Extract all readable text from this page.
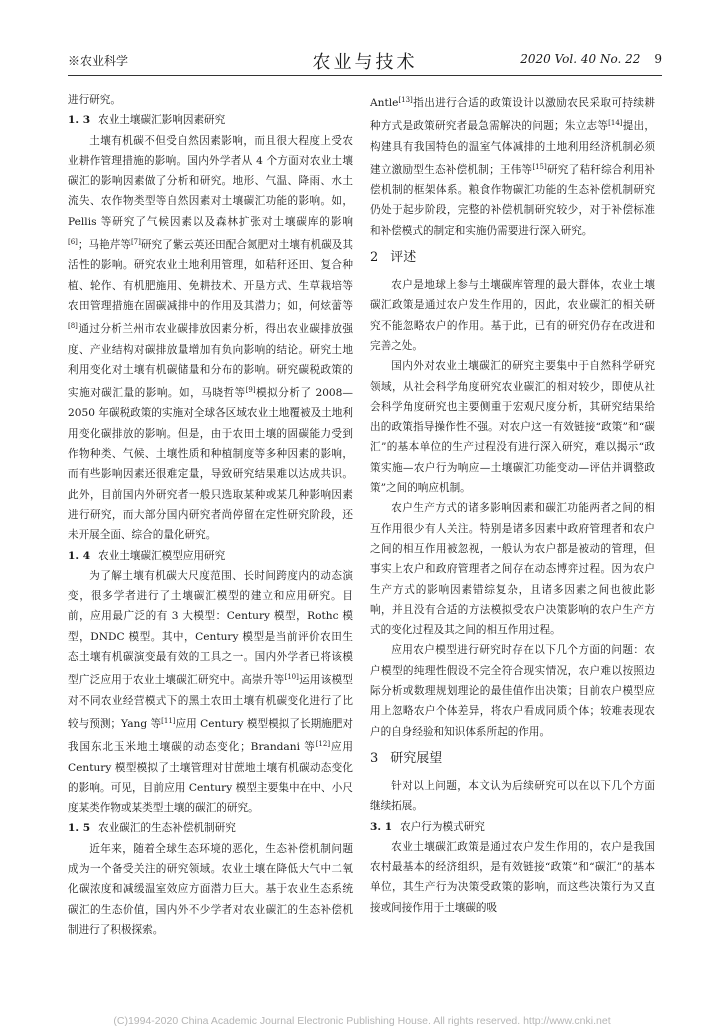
※农业科学	农业与技术	2020 Vol. 40 No. 22 9

进行研究。

1. 3 农业土壤碳汇影响因素研究

土壤有机碳不但受自然因素影响，而且很大程度上受农业耕作管理措施的影响。国内外学者从 4 个方面对农业土壤碳汇的影响因素做了分析和研究。地形、气温、降雨、水土流失、农作物类型等自然因素对土壤碳汇功能的影响。如，Pellis 等研究了气候因素以及森林扩张对土壤碳库的影响[6]；马艳芹等[7]研究了紫云英还田配合氮肥对土壤有机碳及其活性的影响。研究农业土地利用管理，如秸秆还田、复合种植、轮作、有机肥施用、免耕技术、开垦方式、生草栽培等农田管理措施在固碳减排中的作用及其潜力；如，何炫蕾等[8]通过分析兰州市农业碳排放因素分析，得出农业碳排放强度、产业结构对碳排放量增加有负向影响的结论。研究土地利用变化对土壤有机碳储量和分布的影响。研究碳税政策的实施对碳汇量的影响。如，马晓哲等[9]模拟分析了 2008—2050 年碳税政策的实施对全球各区域农业土地覆被及土地利用变化碳排放的影响。但是，由于农田土壤的固碳能力受到作物种类、气候、土壤性质和种植制度等多种因素的影响，而有些影响因素还很难定量，导致研究结果难以达成共识。此外，目前国内外研究者一般只选取某种或某几种影响因素进行研究，而大部分国内研究者尚停留在定性研究阶段，还未开展全面、综合的量化研究。

1. 4 农业土壤碳汇模型应用研究

为了解土壤有机碳大尺度范围、长时间跨度内的动态演变，很多学者进行了土壤碳汇模型的建立和应用研究。目前，应用最广泛的有 3 大模型：Century 模型，Rothc 模型，DNDC 模型。其中，Century 模型是当前评价农田生态土壤有机碳演变最有效的工具之一。国内外学者已将该模型广泛应用于农业土壤碳汇研究中。高崇升等[10]运用该模型对不同农业经营模式下的黑土农田土壤有机碳变化进行了比较与预测；Yang 等[11]应用 Century 模型模拟了长期施肥对我国东北玉米地土壤碳的动态变化；Brandani 等[12]应用 Century 模型模拟了土壤管理对甘蔗地土壤有机碳动态变化的影响。可见，目前应用 Century 模型主要集中在中、小尺度某类作物或某类型土壤的碳汇的研究。

1. 5 农业碳汇的生态补偿机制研究

近年来，随着全球生态环境的恶化，生态补偿机制问题成为一个备受关注的研究领域。农业土壤在降低大气中二氧化碳浓度和减缓温室效应方面潜力巨大。基于农业生态系统碳汇的生态价值，国内外不少学者对农业碳汇的生态补偿机制进行了积极探索。

Antle[13]指出进行合适的政策设计以激励农民采取可持续耕种方式是政策研究者最急需解决的问题；朱立志等[14]提出，构建具有我国特色的温室气体减排的土地利用经济机制必须建立激励型生态补偿机制；王伟等[15]研究了秸秆综合利用补偿机制的框架体系。粮食作物碳汇功能的生态补偿机制研究仍处于起步阶段，完整的补偿机制研究较少，对于补偿标准和补偿模式的制定和实施仍需要进行深入研究。

2 评述

农户是地球上参与土壤碳库管理的最大群体，农业土壤碳汇政策是通过农户发生作用的，因此，农业碳汇的相关研究不能忽略农户的作用。基于此，已有的研究仍存在改进和完善之处。

国内外对农业土壤碳汇的研究主要集中于自然科学研究领域，从社会科学角度研究农业碳汇的相对较少，即使从社会科学角度研究也主要侧重于宏观尺度分析，其研究结果给出的政策指导操作性不强。对农户这一有效链接“政策”和“碳汇”的基本单位的生产过程没有进行深入研究，难以揭示“政策实施—农户行为响应—土壤碳汇功能变动—评估并调整政策”之间的响应机制。

农户生产方式的诸多影响因素和碳汇功能两者之间的相互作用很少有人关注。特别是诸多因素中政府管理者和农户之间的相互作用被忽视，一般认为农户都是被动的管理，但事实上农户和政府管理者之间存在动态博弈过程。因为农户生产方式的影响因素错综复杂，且诸多因素之间也彼此影响，并且没有合适的方法模拟受农户决策影响的农户生产方式的变化过程及其之间的相互作用过程。

应用农户模型进行研究时存在以下几个方面的问题：农户模型的纯理性假设不完全符合现实情况，农户难以按照边际分析或数理规划理论的最佳值作出决策；目前农户模型应用上忽略农户个体差异，将农户看成同质个体；较难表现农户的自身经验和知识体系所起的作用。

3 研究展望

针对以上问题，本文认为后续研究可以在以下几个方面继续拓展。

3. 1 农户行为模式研究

农业土壤碳汇政策是通过农户发生作用的，农户是我国农村最基本的经济组织，是有效链接“政策”和“碳汇”的基本单位，其生产行为决策受政策的影响，而这些决策行为又直接或间接作用于土壤碳的吸

(C)1994-2020 China Academic Journal Electronic Publishing House. All rights reserved. http://www.cnki.net
